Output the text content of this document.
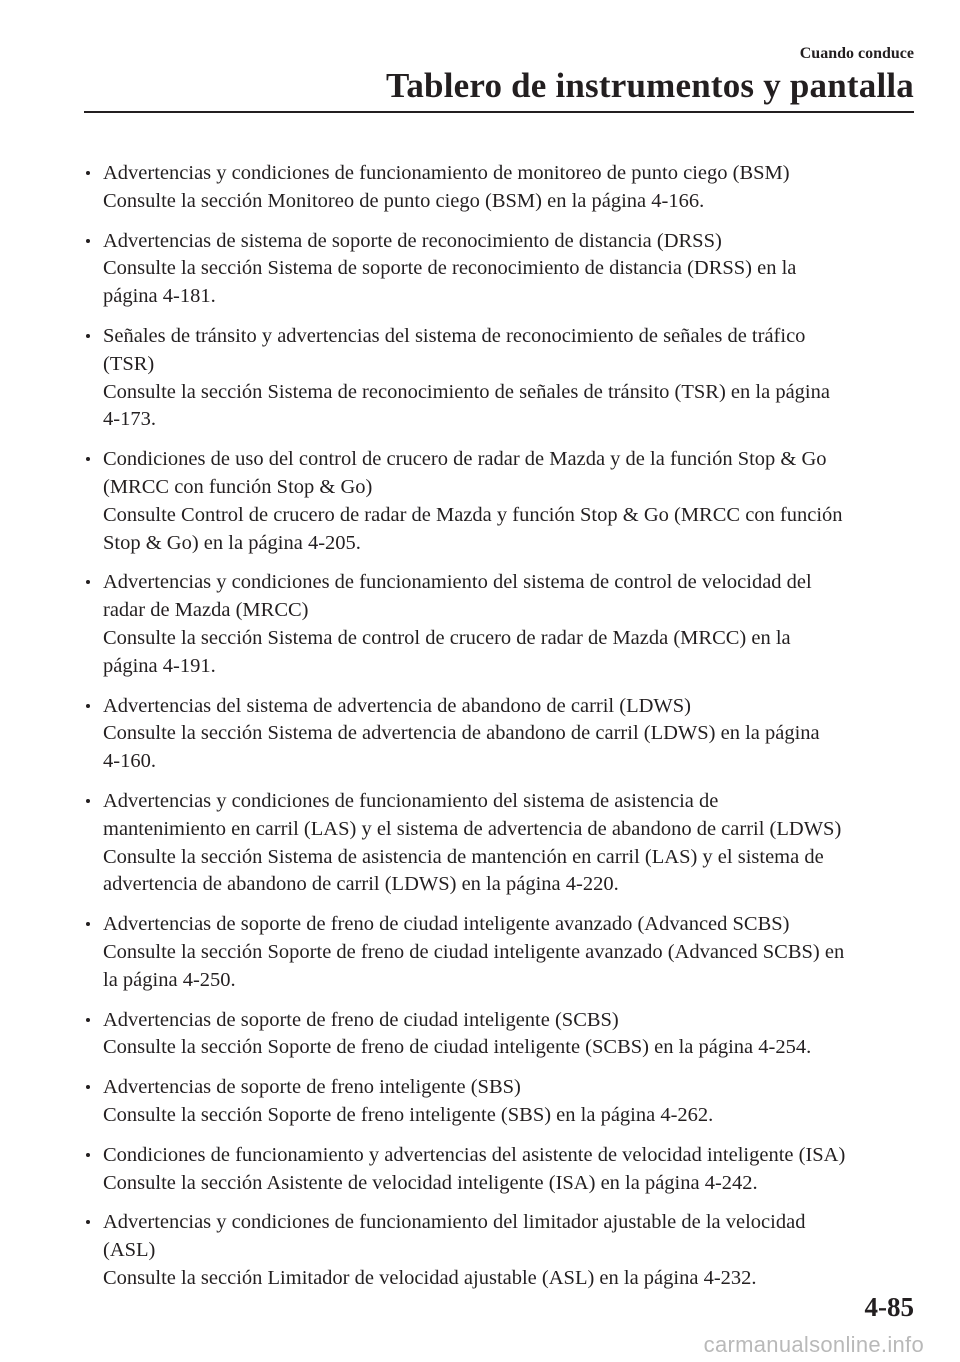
Cuando conduce
Tablero de instrumentos y pantalla
Advertencias y condiciones de funcionamiento de monitoreo de punto ciego (BSM)
Consulte la sección Monitoreo de punto ciego (BSM) en la página 4-166.
Advertencias de sistema de soporte de reconocimiento de distancia (DRSS)
Consulte la sección Sistema de soporte de reconocimiento de distancia (DRSS) en la
página 4-181.
Señales de tránsito y advertencias del sistema de reconocimiento de señales de tráfico
(TSR)
Consulte la sección Sistema de reconocimiento de señales de tránsito (TSR) en la página
4-173.
Condiciones de uso del control de crucero de radar de Mazda y de la función Stop & Go
(MRCC con función Stop & Go)
Consulte Control de crucero de radar de Mazda y función Stop & Go (MRCC con función
Stop & Go) en la página 4-205.
Advertencias y condiciones de funcionamiento del sistema de control de velocidad del
radar de Mazda (MRCC)
Consulte la sección Sistema de control de crucero de radar de Mazda (MRCC) en la
página 4-191.
Advertencias del sistema de advertencia de abandono de carril (LDWS)
Consulte la sección Sistema de advertencia de abandono de carril (LDWS) en la página
4-160.
Advertencias y condiciones de funcionamiento del sistema de asistencia de
mantenimiento en carril (LAS) y el sistema de advertencia de abandono de carril (LDWS)
Consulte la sección Sistema de asistencia de mantención en carril (LAS) y el sistema de
advertencia de abandono de carril (LDWS) en la página 4-220.
Advertencias de soporte de freno de ciudad inteligente avanzado (Advanced SCBS)
Consulte la sección Soporte de freno de ciudad inteligente avanzado (Advanced SCBS) en
la página 4-250.
Advertencias de soporte de freno de ciudad inteligente (SCBS)
Consulte la sección Soporte de freno de ciudad inteligente (SCBS) en la página 4-254.
Advertencias de soporte de freno inteligente (SBS)
Consulte la sección Soporte de freno inteligente (SBS) en la página 4-262.
Condiciones de funcionamiento y advertencias del asistente de velocidad inteligente (ISA)
Consulte la sección Asistente de velocidad inteligente (ISA) en la página 4-242.
Advertencias y condiciones de funcionamiento del limitador ajustable de la velocidad
(ASL)
Consulte la sección Limitador de velocidad ajustable (ASL) en la página 4-232.
4-85
carmanualsonline.info
